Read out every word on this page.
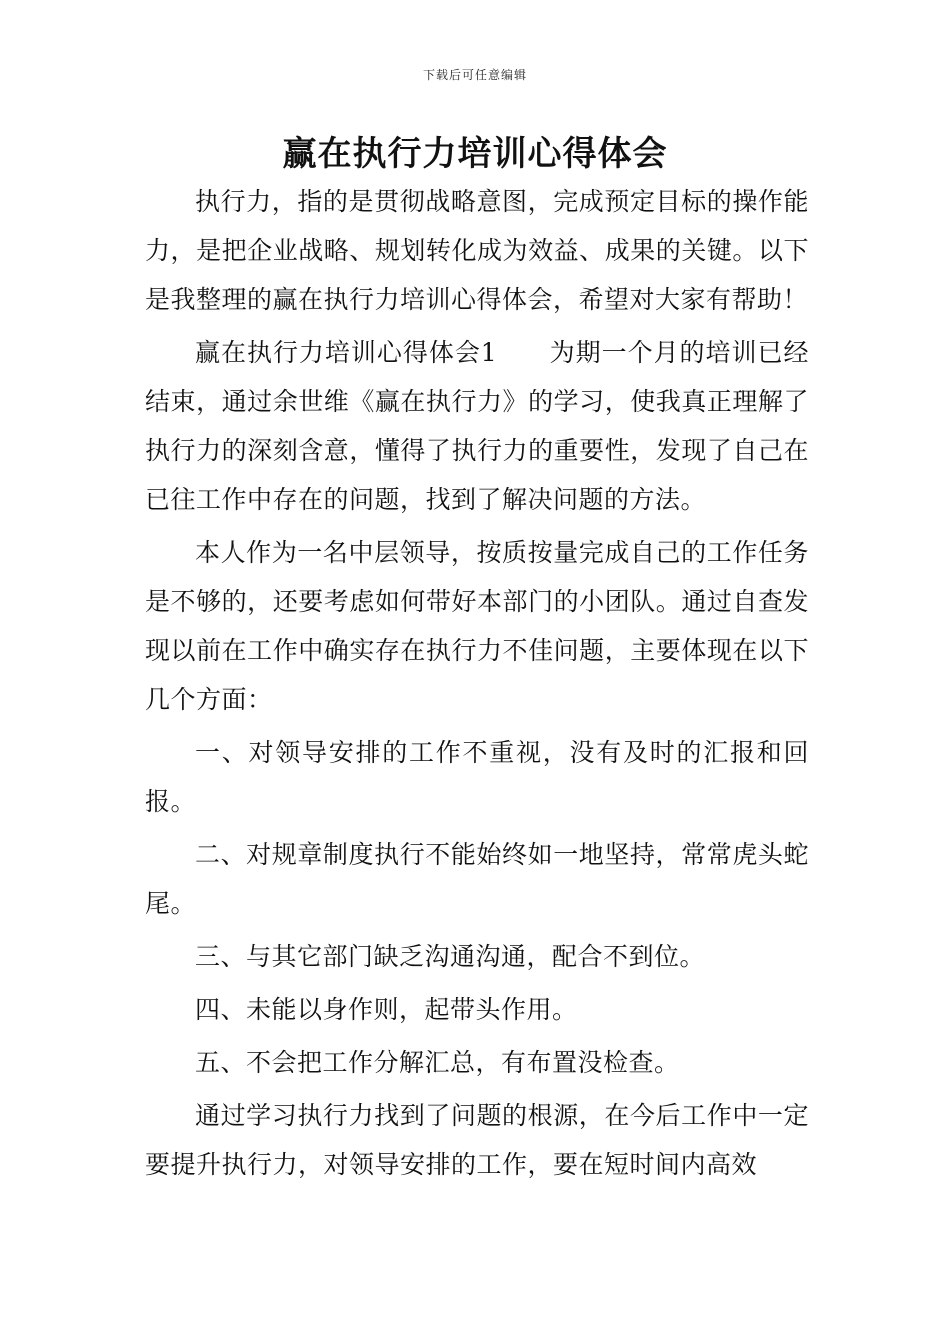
下载后可任意编辑
赢在执行力培训心得体会

执行力，指的是贯彻战略意图，完成预定目标的操作能力，是把企业战略、规划转化成为效益、成果的关键。以下是我整理的赢在执行力培训心得体会，希望对大家有帮助！

赢在执行力培训心得体会1　　为期一个月的培训已经结束，通过余世维《赢在执行力》的学习，使我真正理解了执行力的深刻含意，懂得了执行力的重要性，发现了自己在已往工作中存在的问题，找到了解决问题的方法。

本人作为一名中层领导，按质按量完成自己的工作任务是不够的，还要考虑如何带好本部门的小团队。通过自查发现以前在工作中确实存在执行力不佳问题，主要体现在以下几个方面：

一、对领导安排的工作不重视，没有及时的汇报和回报。

二、对规章制度执行不能始终如一地坚持，常常虎头蛇尾。

三、与其它部门缺乏沟通沟通，配合不到位。

四、未能以身作则，起带头作用。

五、不会把工作分解汇总，有布置没检查。

通过学习执行力找到了问题的根源，在今后工作中一定要提升执行力，对领导安排的工作，要在短时间内高效
